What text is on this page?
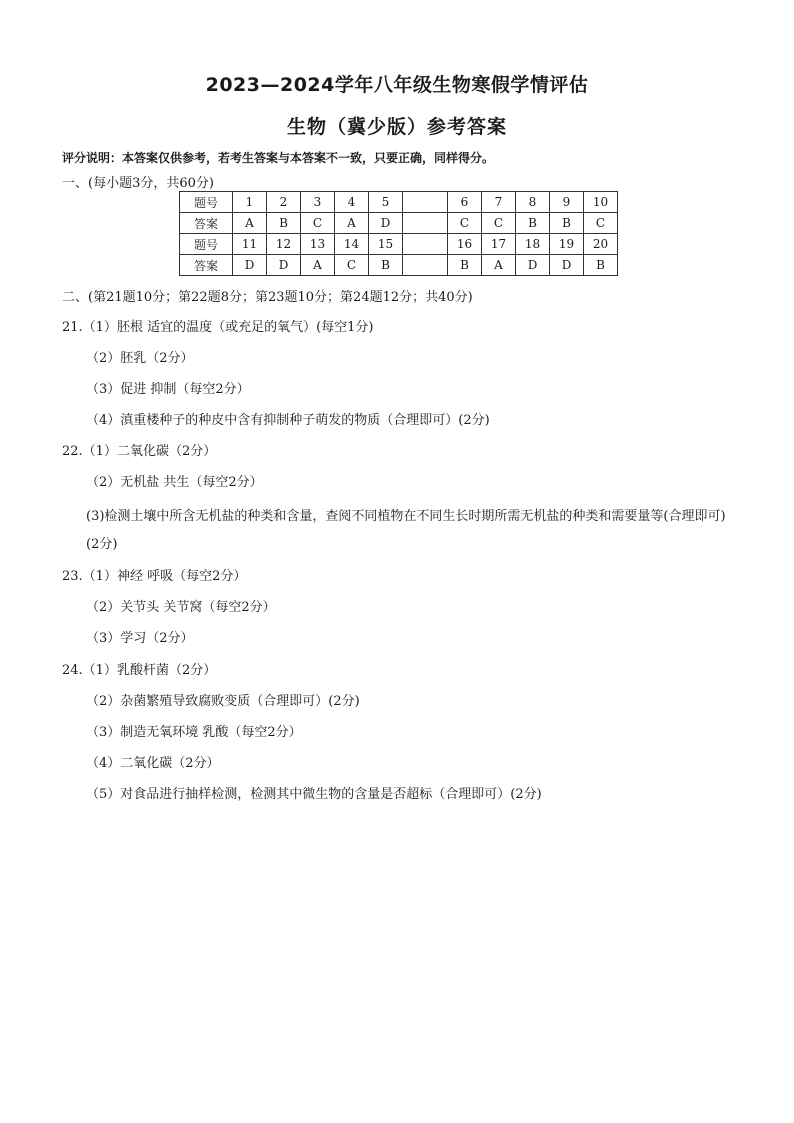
2023—2024学年八年级生物寒假学情评估
生物（冀少版）参考答案
评分说明：本答案仅供参考，若考生答案与本答案不一致，只要正确，同样得分。
一、(每小题3分，共60分)
题号	1	2	3	4	5		6	7	8	9	10
答案	A	B	C	A	D		C	C	B	B	C
题号	11	12	13	14	15		16	17	18	19	20
答案	D	D	A	C	B		B	A	D	D	B
二、(第21题10分；第22题8分；第23题10分；第24题12分；共40分)
21.（1）胚根 适宜的温度（或充足的氧气）(每空1分)
（2）胚乳（2分）
（3）促进 抑制（每空2分）
（4）滇重楼种子的种皮中含有抑制种子萌发的物质（合理即可）(2分)
22.（1）二氧化碳（2分）
（2）无机盐 共生（每空2分）
(3)检测土壤中所含无机盐的种类和含量，查阅不同植物在不同生长时期所需无机盐的种类和需要量等(合理即可)(2分)
23.（1）神经 呼吸（每空2分）
（2）关节头 关节窝（每空2分）
（3）学习（2分）
24.（1）乳酸杆菌（2分）
（2）杂菌繁殖导致腐败变质（合理即可）(2分)
（3）制造无氧环境 乳酸（每空2分）
（4）二氧化碳（2分）
（5）对食品进行抽样检测，检测其中微生物的含量是否超标（合理即可）(2分)
